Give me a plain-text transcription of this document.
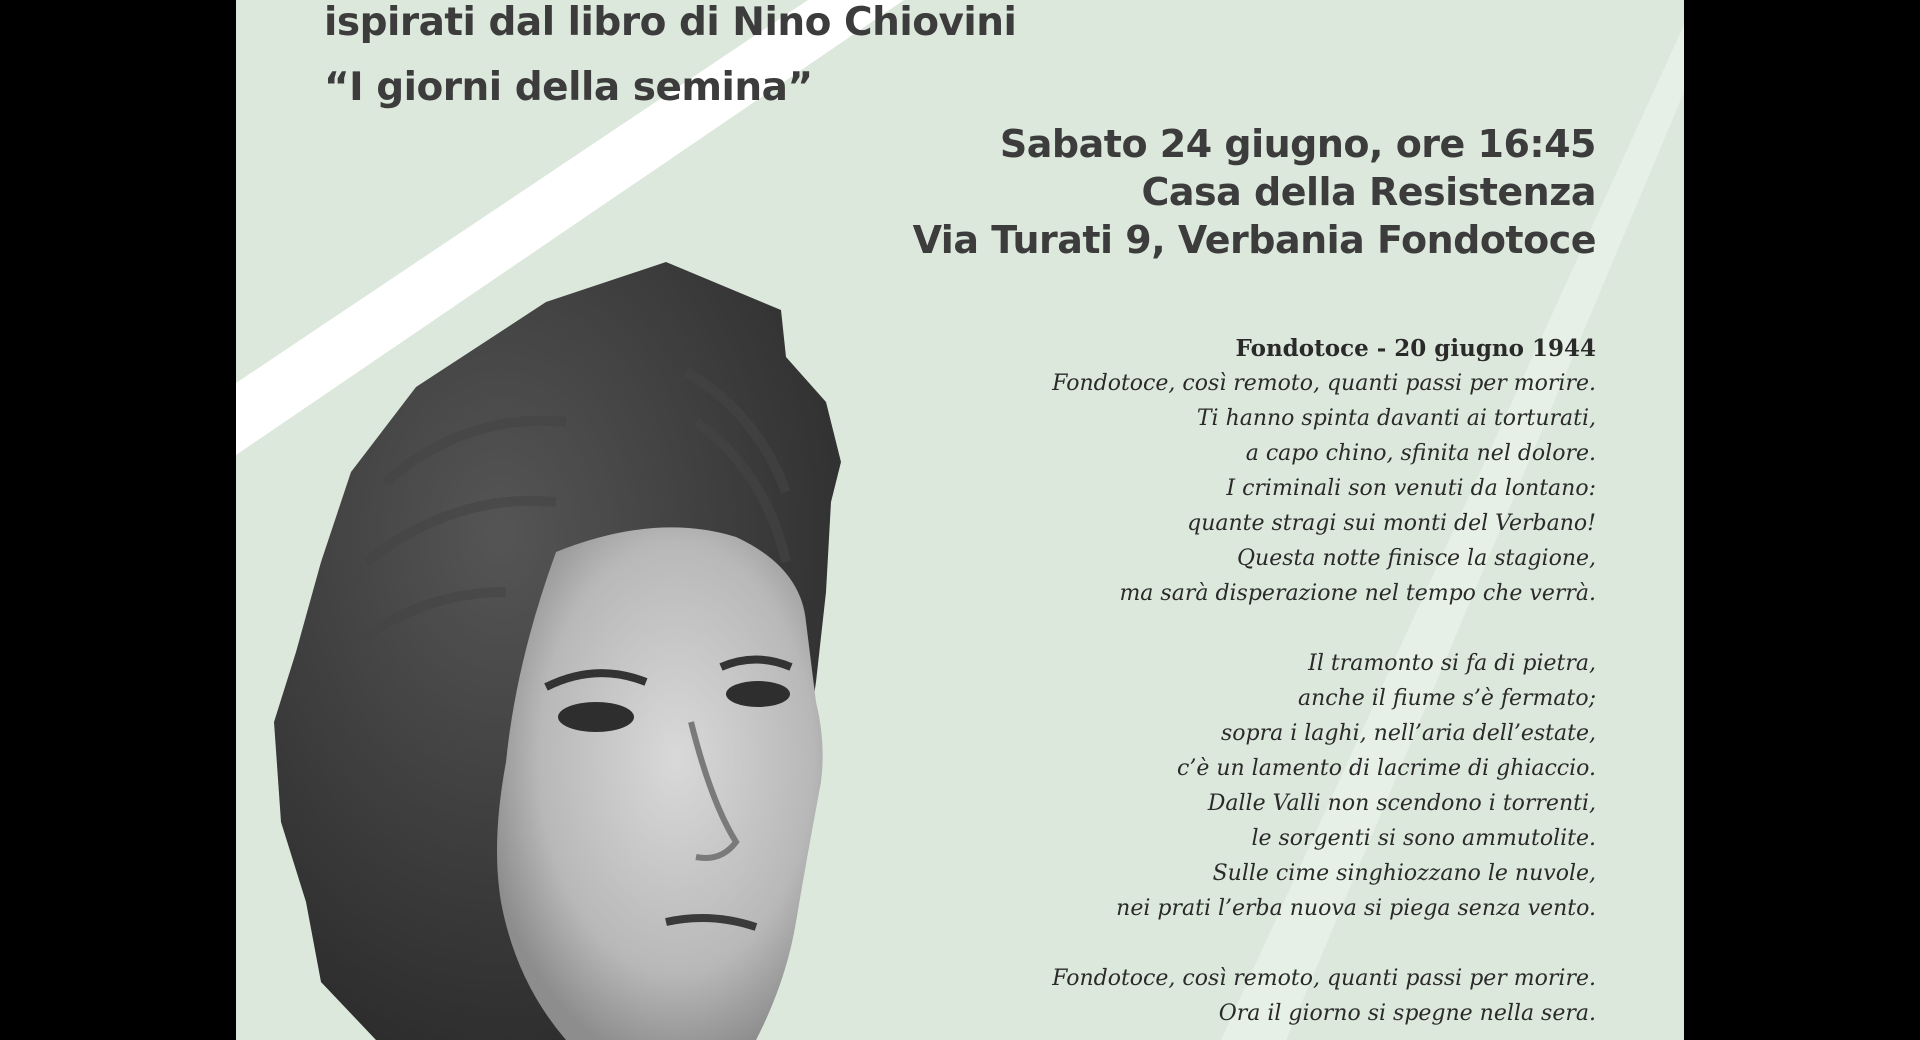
ispirati dal libro di Nino Chiovini
“I giorni della semina”

Sabato 24 giugno, ore 16:45

Casa della Resistenza

Via Turati 9, Verbania Fondotoce

Fondotoce - 20 giugno 1944
Fondotoce, così remoto, quanti passi per morire.
Ti hanno spinta davanti ai torturati,
a capo chino, sfinita nel dolore.
I criminali son venuti da lontano:
quante stragi sui monti del Verbano!
Questa notte finisce la stagione,
ma sarà disperazione nel tempo che verrà.
Il tramonto si fa di pietra,
anche il fiume s’è fermato;
sopra i laghi, nell’aria dell’estate,
c’è un lamento di lacrime di ghiaccio.
Dalle Valli non scendono i torrenti,
le sorgenti si sono ammutolite.
Sulle cime singhiozzano le nuvole,
nei prati l’erba nuova si piega senza vento.
Fondotoce, così remoto, quanti passi per morire.
Ora il giorno si spegne nella sera.
